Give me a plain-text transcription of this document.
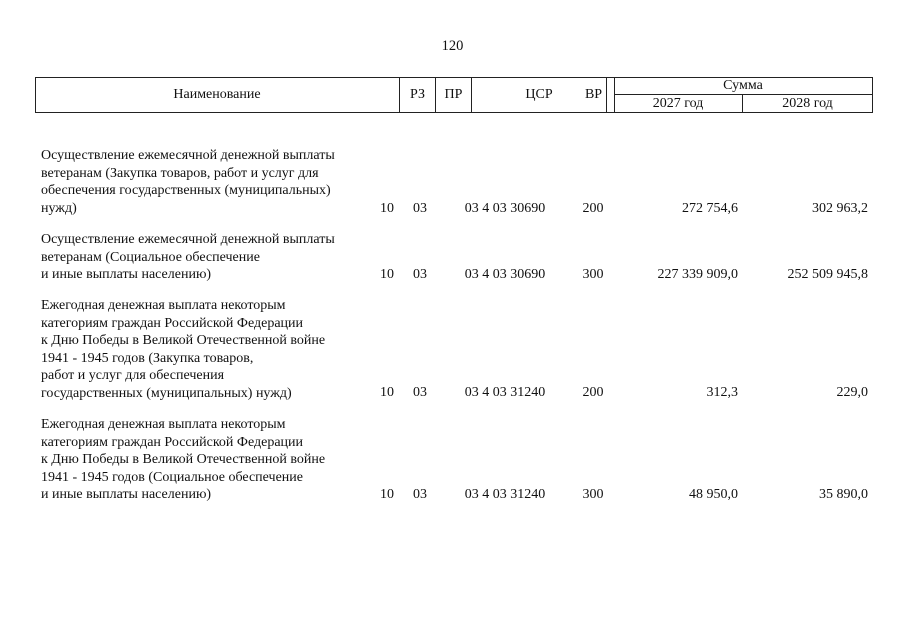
120
Наименование	РЗ	ПР	ЦСР	ВР
Сумма
2027 год	2028 год
Осуществление ежемесячной денежной выплаты
ветеранам (Закупка товаров, работ и услуг для
обеспечения государственных (муниципальных)
нужд)	10	03	03 4 03 30690	200	272 754,6	302 963,2
Осуществление ежемесячной денежной выплаты
ветеранам (Социальное обеспечение
и иные выплаты населению)	10	03	03 4 03 30690	300	227 339 909,0	252 509 945,8
Ежегодная денежная выплата некоторым
категориям граждан Российской Федерации
к Дню Победы в Великой Отечественной войне
1941 - 1945 годов (Закупка товаров,
работ и услуг для обеспечения
государственных (муниципальных) нужд)	10	03	03 4 03 31240	200	312,3	229,0
Ежегодная денежная выплата некоторым
категориям граждан Российской Федерации
к Дню Победы в Великой Отечественной войне
1941 - 1945 годов (Социальное обеспечение
и иные выплаты населению)	10	03	03 4 03 31240	300	48 950,0	35 890,0
